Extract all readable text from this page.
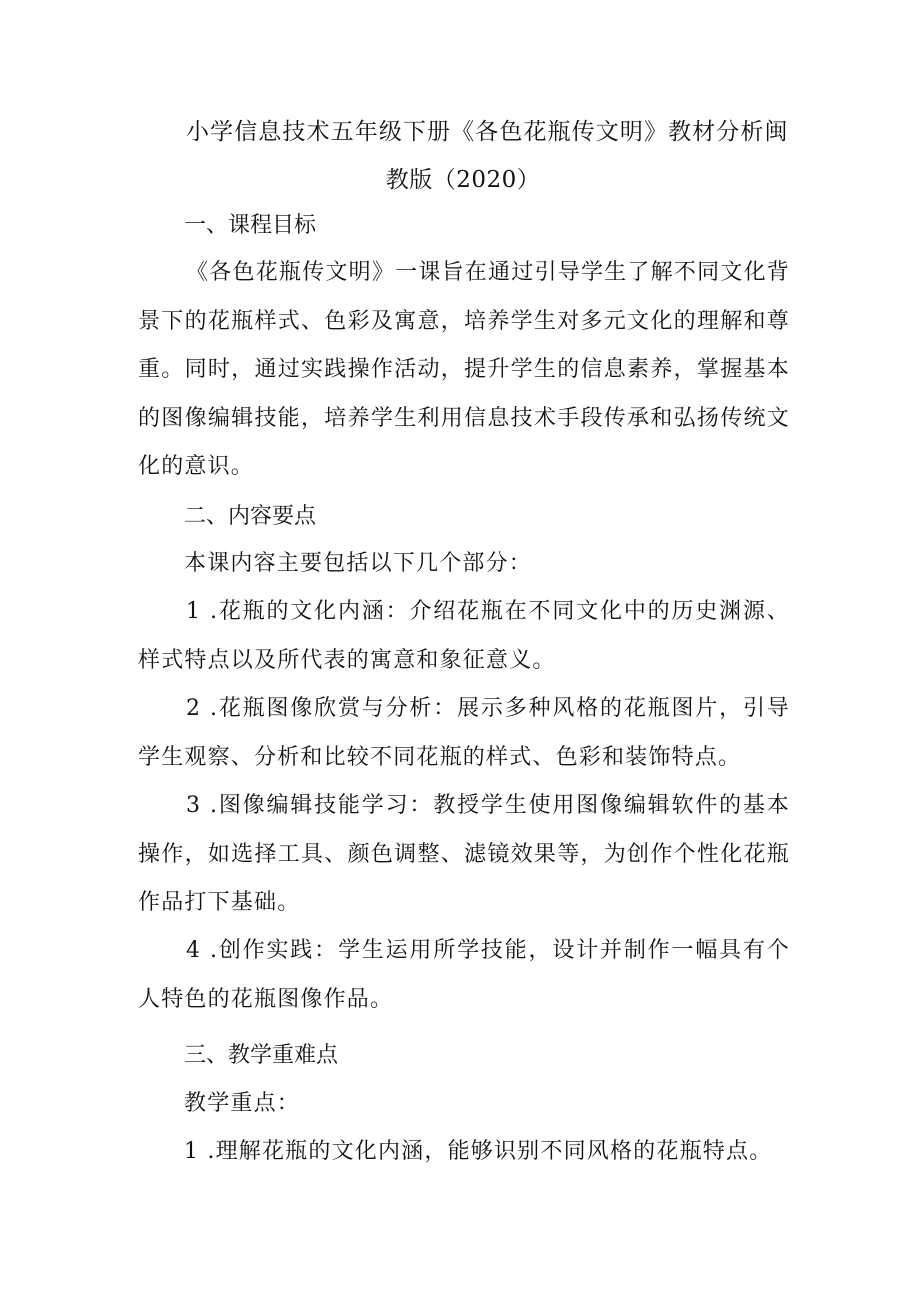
小学信息技术五年级下册《各色花瓶传文明》教材分析闽教版（2020）
一、课程目标
《各色花瓶传文明》一课旨在通过引导学生了解不同文化背景下的花瓶样式、色彩及寓意，培养学生对多元文化的理解和尊重。同时，通过实践操作活动，提升学生的信息素养，掌握基本的图像编辑技能，培养学生利用信息技术手段传承和弘扬传统文化的意识。
二、内容要点
本课内容主要包括以下几个部分：
1 .花瓶的文化内涵：介绍花瓶在不同文化中的历史渊源、样式特点以及所代表的寓意和象征意义。
2 .花瓶图像欣赏与分析：展示多种风格的花瓶图片，引导学生观察、分析和比较不同花瓶的样式、色彩和装饰特点。
3 .图像编辑技能学习：教授学生使用图像编辑软件的基本操作，如选择工具、颜色调整、滤镜效果等，为创作个性化花瓶作品打下基础。
4 .创作实践：学生运用所学技能，设计并制作一幅具有个人特色的花瓶图像作品。
三、教学重难点
教学重点：
1 .理解花瓶的文化内涵，能够识别不同风格的花瓶特点。
